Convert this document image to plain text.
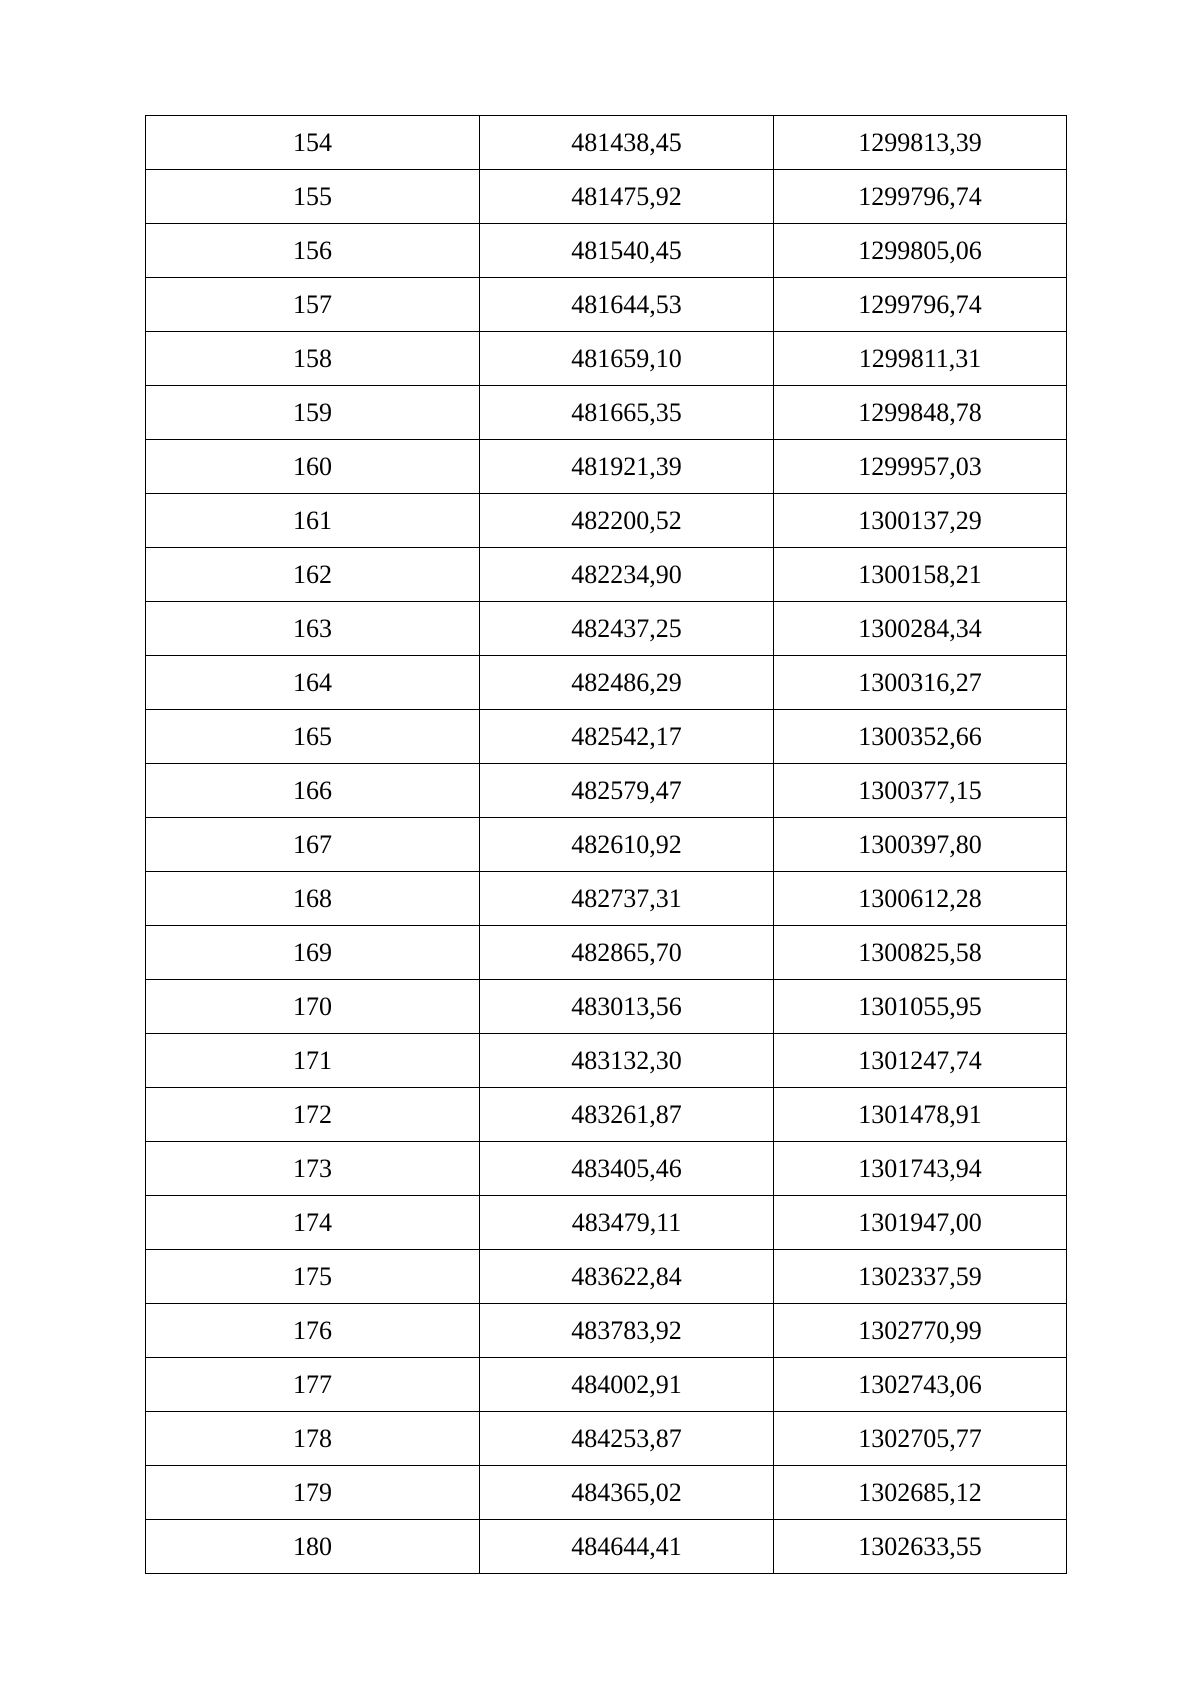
154	481438,45	1299813,39
155	481475,92	1299796,74
156	481540,45	1299805,06
157	481644,53	1299796,74
158	481659,10	1299811,31
159	481665,35	1299848,78
160	481921,39	1299957,03
161	482200,52	1300137,29
162	482234,90	1300158,21
163	482437,25	1300284,34
164	482486,29	1300316,27
165	482542,17	1300352,66
166	482579,47	1300377,15
167	482610,92	1300397,80
168	482737,31	1300612,28
169	482865,70	1300825,58
170	483013,56	1301055,95
171	483132,30	1301247,74
172	483261,87	1301478,91
173	483405,46	1301743,94
174	483479,11	1301947,00
175	483622,84	1302337,59
176	483783,92	1302770,99
177	484002,91	1302743,06
178	484253,87	1302705,77
179	484365,02	1302685,12
180	484644,41	1302633,55
